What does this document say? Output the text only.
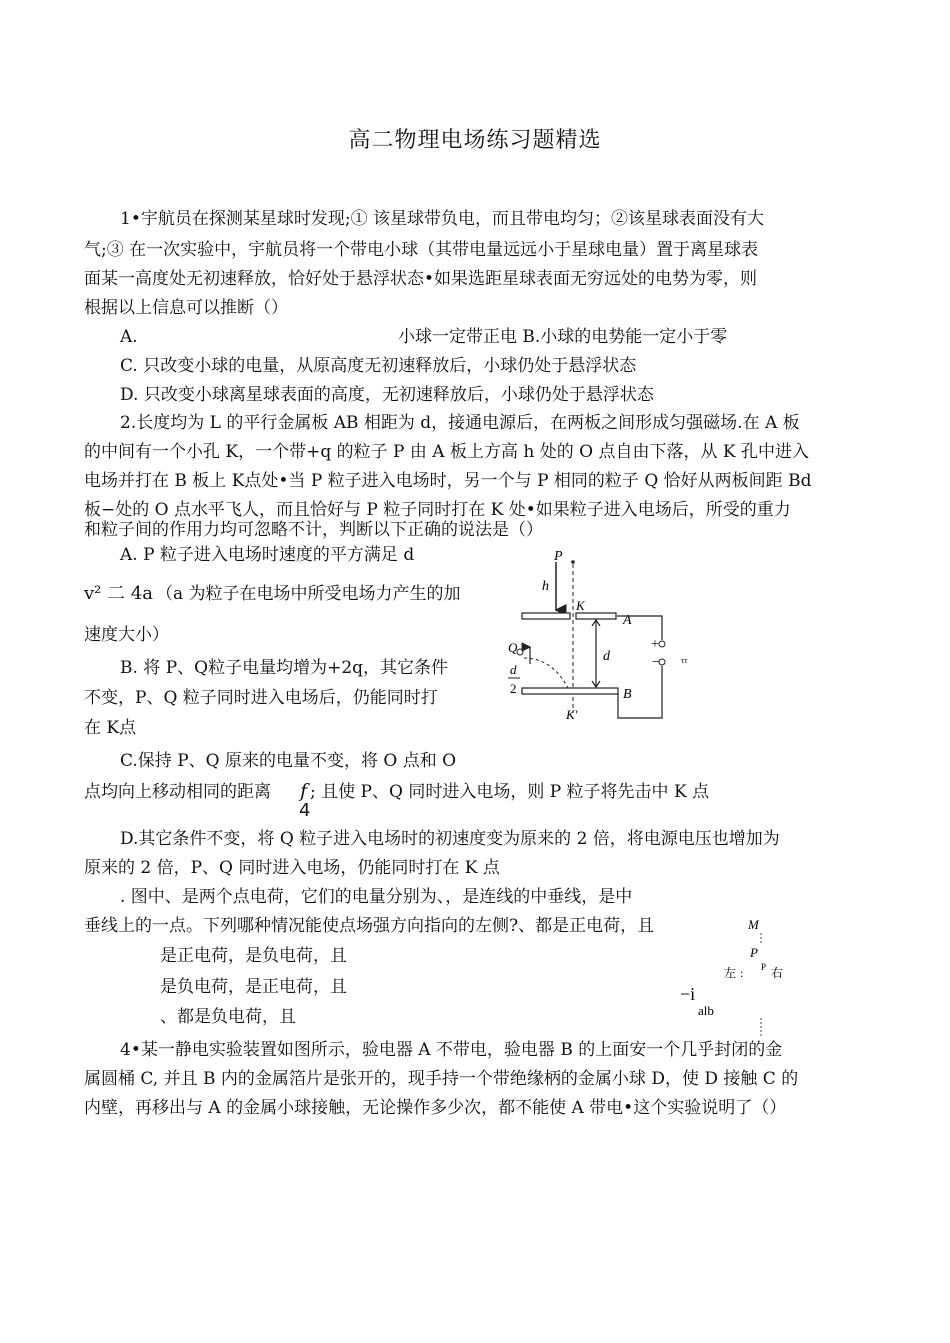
高二物理电场练习题精选
1•宇航员在探测某星球时发现;① 该星球带负电，而且带电均匀；②该星球表面没有大
气;③ 在一次实验中，宇航员将一个带电小球（其带电量远远小于星球电量）置于离星球表
面某一高度处无初速释放，恰好处于悬浮状态•如果选距星球表面无穷远处的电势为零，则
根据以上信息可以推断（）
A.	小球一定带正电 B.小球的电势能一定小于零
C. 只改变小球的电量，从原高度无初速释放后，小球仍处于悬浮状态
D. 只改变小球离星球表面的高度，无初速释放后，小球仍处于悬浮状态
2.长度均为 L 的平行金属板 AB 相距为 d，接通电源后，在两板之间形成匀强磁场.在 A 板
的中间有一个小孔 K，一个带+q 的粒子 P 由 A 板上方高 h 处的 O 点自由下落，从 K 孔中进入
电场并打在 B 板上 K点处•当 P 粒子进入电场时，另一个与 P 相同的粒子 Q 恰好从两板间距 Bd
板−处的 O 点水平飞人，而且恰好与 P 粒子同时打在 K 处•如果粒子进入电场后，所受的重力
和粒子间的作用力均可忽略不计，判断以下正确的说法是（）
A. P 粒子进入电场时速度的平方满足 d
v² 二 4a （a 为粒子在电场中所受电场力产生的加
速度大小）
B. 将 P、Q粒子电量均增为+2q，其它条件
不变，P、Q 粒子同时进入电场后，仍能同时打
在 K点
C.保持 P、Q 原来的电量不变，将 O 点和 O
点均向上移动相同的距离 f ; 且使 P、Q 同时进入电场，则 P 粒子将先击中 K 点
4
D.其它条件不变，将 Q 粒子进入电场时的初速度变为原来的 2 倍，将电源电压也增加为
原来的 2 倍，P、Q 同时进入电场，仍能同时打在 K 点
. 图中、是两个点电荷，它们的电量分别为、，是连线的中垂线，是中
垂线上的一点。下列哪种情况能使点场强方向指向的左侧?、都是正电荷，且
是正电荷，是负电荷，且
是负电荷，是正电荷，且
、都是负电荷，且
4•某一静电实验装置如图所示，验电器 A 不带电，验电器 B 的上面安一个几乎封闭的金
属圆桶 C, 并且 B 内的金属箔片是张开的，现手持一个带绝缘柄的金属小球 D，使 D 接触 C 的
内壁，再移出与 A 的金属小球接触，无论操作多少次，都不能使 A 带电•这个实验说明了（）
P
h
K
A
B
K′
d
Q
d
2
+
−	ττ
M
P
左 : P 右
−i
alb
